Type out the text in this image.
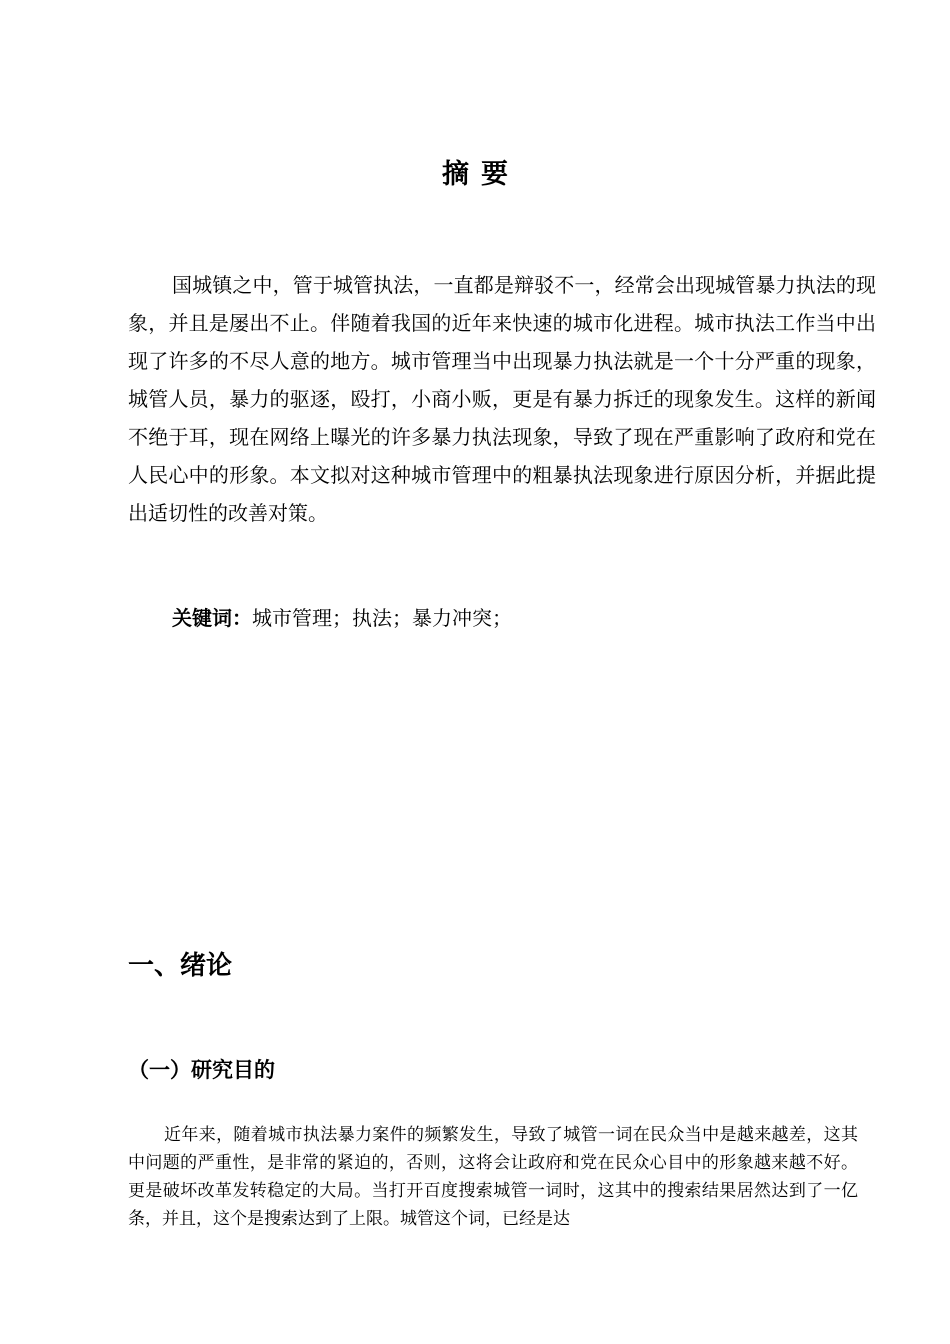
摘要

国城镇之中，管于城管执法，一直都是辩驳不一，经常会出现城管暴力执法的现象，并且是屡出不止。伴随着我国的近年来快速的城市化进程。城市执法工作当中出现了许多的不尽人意的地方。城市管理当中出现暴力执法就是一个十分严重的现象，城管人员，暴力的驱逐，殴打，小商小贩，更是有暴力拆迁的现象发生。这样的新闻不绝于耳，现在网络上曝光的许多暴力执法现象，导致了现在严重影响了政府和党在人民心中的形象。本文拟对这种城市管理中的粗暴执法现象进行原因分析，并据此提出适切性的改善对策。

关键词：城市管理；执法；暴力冲突；

一、绪论
（一）研究目的

近年来，随着城市执法暴力案件的频繁发生，导致了城管一词在民众当中是越来越差，这其中问题的严重性，是非常的紧迫的，否则，这将会让政府和党在民众心目中的形象越来越不好。更是破坏改革发转稳定的大局。当打开百度搜索城管一词时，这其中的搜索结果居然达到了一亿条，并且，这个是搜索达到了上限。城管这个词，已经是达
